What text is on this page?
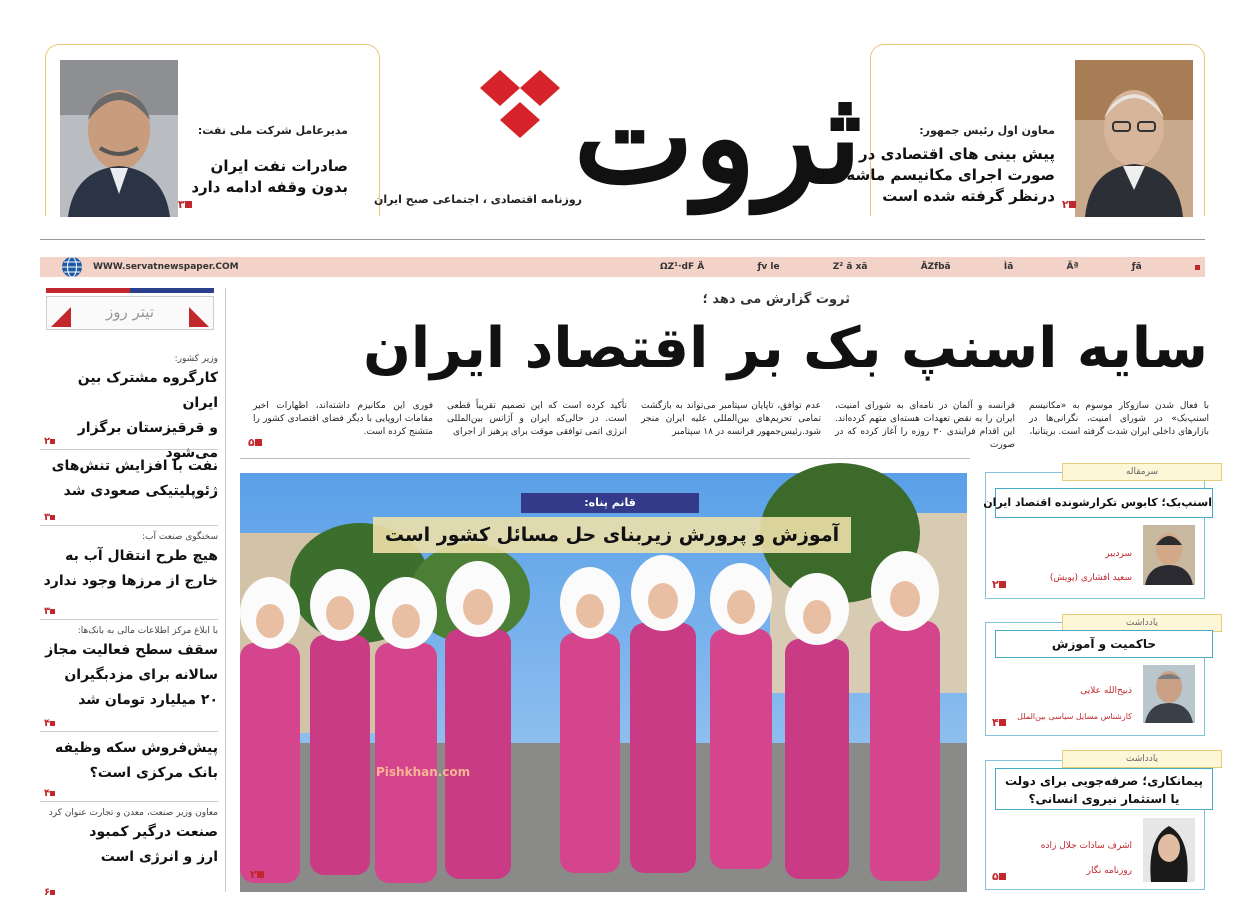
معاون اول رئیس جمهور:
پیش بینی های اقتصادی در
صورت اجرای مکانیسم ماشه
درنظر گرفته شده است ۲
مدیرعامل شرکت ملی نفت:
صادرات نفت ایران
بدون وقفه ادامه دارد
۳	ثروت
روزنامه اقتصادی ، اجتماعی صبح ایران
WWW.servatnewspaper.COM	ΩZ¹·dF Ä	ƒv le	Z² ã ⅹã	ÄZfbã	Ìã	Ãª	ƒã
ثروت گزارش می دهد ؛
سایه اسنپ بک بر اقتصاد ایران
با فعال شدن سازوکار موسوم به «مکانیسم اسنپ‌بک» در شورای امنیت، نگرانی‌ها در بازارهای داخلی ایران شدت گرفته است. بریتانیا،
فرانسه و آلمان در نامه‌ای به شورای امنیت، ایران را به نقض تعهدات هسته‌ای متهم کرده‌اند. این اقدام فرایندی ۳۰ روزه را آغاز کرده که در صورت
عدم توافق، تاپایان سپتامبر می‌تواند به بازگشت تمامی تحریم‌های بین‌المللی علیه ایران منجر شود.رئیس‌جمهور فرانسه در ۱۸ سپتامبر
تأکید کرده است که این تصمیم تقریباً قطعی است. در حالی‌که ایران و آژانس بین‌المللی انرژی اتمی توافقی موقت برای پرهیز از اجرای
فوری این مکانیزم داشته‌اند، اظهارات اخیر مقامات اروپایی با دیگر فضای اقتصادی کشور را متشنج کرده است.
۵
قانم پناه:
آموزش و پرورش زیربنای حل مسائل کشور است
Pishkhan.com
۲
تیتر روز
وزیر کشور:
کارگروه مشترک بین ایران
و قرقیزستان برگزار می‌شود
۲
نفت با افزایش تنش‌های
ژئوپلیتیکی صعودی شد
۳
سخنگوی صنعت آب:
هیچ طرح انتقال آب به
خارج از مرزها وجود ندارد
۳
با ابلاغ مرکز اطلاعات مالی به بانک‌ها:
سقف سطح فعالیت مجاز
سالانه برای مزدبگیران
۲۰ میلیارد تومان شد
۴
پیش‌فروش سکه وظیفه
بانک مرکزی است؟
۴
معاون وزیر صنعت، معدن و تجارت عنوان کرد
صنعت درگیر کمبود
ارز و انرژی است
۶
سرمقاله
اسنپ‌بک؛ کابوس تکرارشونده اقتصاد ایران
سردبیر
سعید افشاری (پویش)
۲
یادداشت
حاکمیت و آموزش
ذبیح‌الله علایی
کارشناس مسایل سیاسی بین‌الملل
۴
یادداشت
پیمانکاری؛ صرفه‌جویی برای دولت
یا استثمار نیروی انسانی؟
اشرف سادات جلال زاده
روزنامه نگار
۵
